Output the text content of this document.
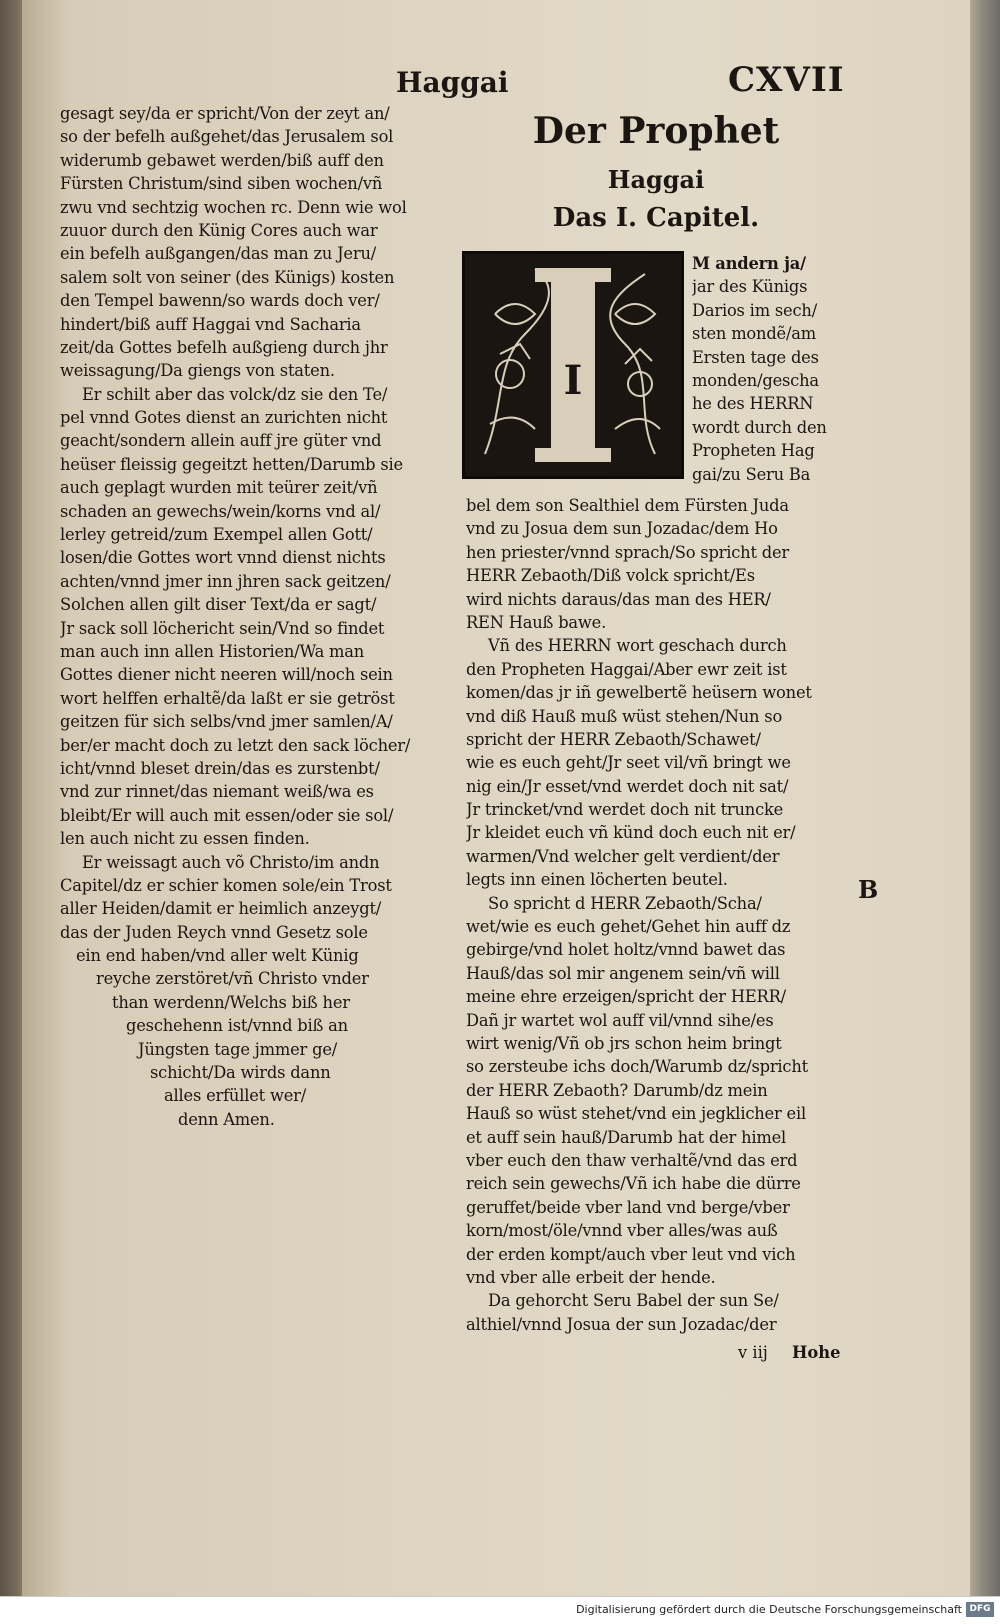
Haggai	CXVII
Der Prophet
Haggai
Das I. Capitel.
gesagt sey/da er spricht/Von der zeyt an/
so der befelh außgehet/das Jerusalem sol
widerumb gebawet werden/biß auff den
Fürsten Christum/sind siben wochen/vñ
zwu vnd sechtzig wochen rc. Denn wie wol
zuuor durch den Künig Cores auch war
ein befelh außgangen/das man zu Jeru/
salem solt von seiner (des Künigs) kosten
den Tempel bawenn/so wards doch ver/
hindert/biß auff Haggai vnd Sacharia
zeit/da Gottes befelh außgieng durch jhr
weissagung/Da giengs von staten.
Er schilt aber das volck/dz sie den Te/
pel vnnd Gotes dienst an zurichten nicht
geacht/sondern allein auff jre güter vnd
heüser fleissig gegeitzt hetten/Darumb sie
auch geplagt wurden mit teürer zeit/vñ
schaden an gewechs/wein/korns vnd al/
lerley getreid/zum Exempel allen Gott/
losen/die Gottes wort vnnd dienst nichts
achten/vnnd jmer inn jhren sack geitzen/
Solchen allen gilt diser Text/da er sagt/
Jr sack soll löchericht sein/Vnd so findet
man auch inn allen Historien/Wa man
Gottes diener nicht neeren will/noch sein
wort helffen erhaltẽ/da laßt er sie getröst
geitzen für sich selbs/vnd jmer samlen/A/
ber/er macht doch zu letzt den sack löcher/
icht/vnnd bleset drein/das es zurstenbt/
vnd zur rinnet/das niemant weiß/wa es
bleibt/Er will auch mit essen/oder sie sol/
len auch nicht zu essen finden.
Er weissagt auch võ Christo/im andn
Capitel/dz er schier komen sole/ein Trost
aller Heiden/damit er heimlich anzeygt/
das der Juden Reych vnnd Gesetz sole
ein end haben/vnd aller welt Künig
reyche zerstöret/vñ Christo vnder
than werdenn/Welchs biß her
geschehenn ist/vnnd biß an
Jüngsten tage jmmer ge/
schicht/Da wirds dann
alles erfüllet wer/
denn Amen.
I
M andern ja/
jar des Künigs
Darios im sech/
sten mondẽ/am
Ersten tage des
monden/gescha
he des HERRN
wordt durch den
Propheten Hag
gai/zu Seru Ba
bel dem son Sealthiel dem Fürsten Juda
vnd zu Josua dem sun Jozadac/dem Ho
hen priester/vnnd sprach/So spricht der
HERR Zebaoth/Diß volck spricht/Es
wird nichts daraus/das man des HER/
REN Hauß bawe.
Vñ des HERRN wort geschach durch
den Propheten Haggai/Aber ewr zeit ist
komen/das jr iñ gewelbertẽ heüsern wonet
vnd diß Hauß muß wüst stehen/Nun so
spricht der HERR Zebaoth/Schawet/
wie es euch geht/Jr seet vil/vñ bringt we
nig ein/Jr esset/vnd werdet doch nit sat/
Jr trincket/vnd werdet doch nit truncke
Jr kleidet euch vñ künd doch euch nit er/
warmen/Vnd welcher gelt verdient/der
legts inn einen löcherten beutel.
So spricht d HERR Zebaoth/Scha/
wet/wie es euch gehet/Gehet hin auff dz
gebirge/vnd holet holtz/vnnd bawet das
Hauß/das sol mir angenem sein/vñ will
meine ehre erzeigen/spricht der HERR/
Dañ jr wartet wol auff vil/vnnd sihe/es
wirt wenig/Vñ ob jrs schon heim bringt
so zersteube ichs doch/Warumb dz/spricht
der HERR Zebaoth? Darumb/dz mein
Hauß so wüst stehet/vnd ein jegklicher eil
et auff sein hauß/Darumb hat der himel
vber euch den thaw verhaltẽ/vnd das erd
reich sein gewechs/Vñ ich habe die dürre
geruffet/beide vber land vnd berge/vber
korn/most/öle/vnnd vber alles/was auß
der erden kompt/auch vber leut vnd vich
vnd vber alle erbeit der hende.
Da gehorcht Seru Babel der sun Se/
althiel/vnnd Josua der sun Jozadac/der
B
v iij Hohe
Digitalisierung gefördert durch die Deutsche Forschungsgemeinschaft DFG
